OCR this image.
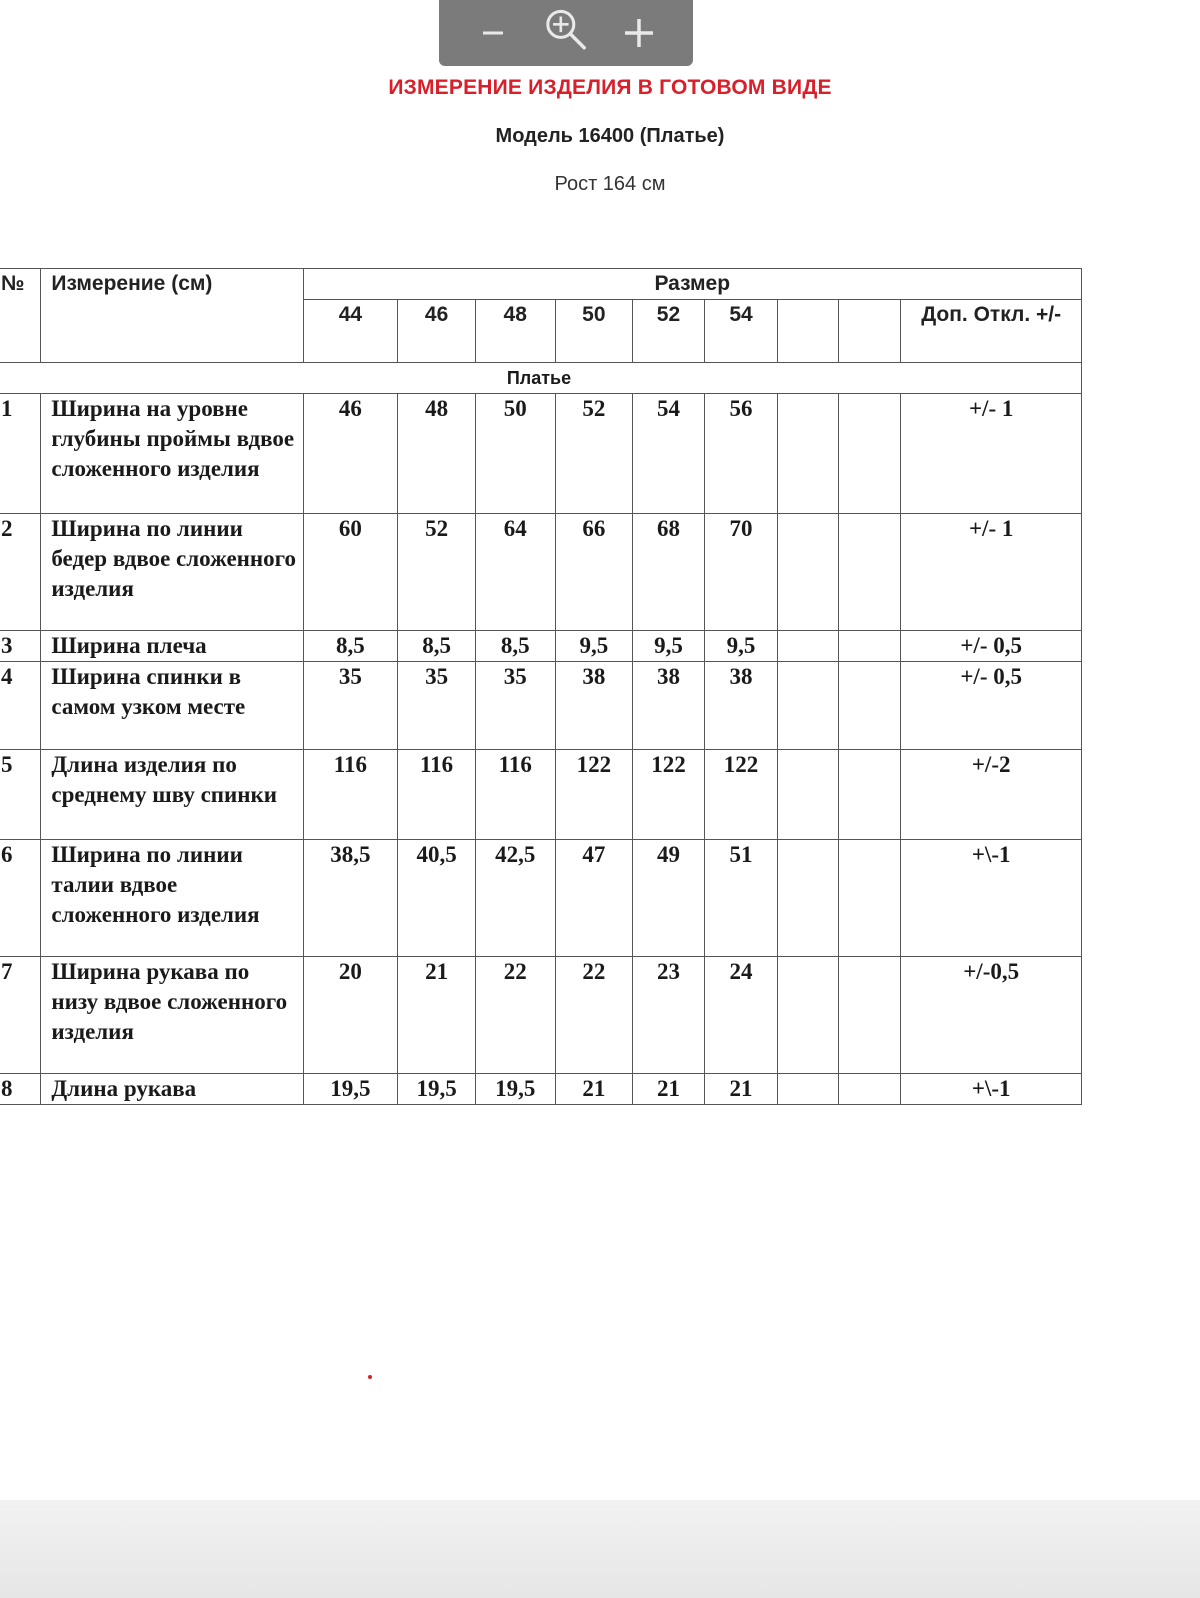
ИЗМЕРЕНИЕ ИЗДЕЛИЯ В ГОТОВОМ ВИДЕ
Модель 16400 (Платье)
Рост 164 см
№	Измерение (см)	Размер								
		44	46	48	50	52	54			Доп. Откл. +/-
Платье										
1	Ширина на уровне глубины проймы вдвое сложенного изделия	46	48	50	52	54	56			+/- 1
2	Ширина по линии бедер вдвое сложенного изделия	60	52	64	66	68	70			+/- 1
3	Ширина плеча	8,5	8,5	8,5	9,5	9,5	9,5			+/- 0,5
4	Ширина спинки в самом узком месте	35	35	35	38	38	38			+/- 0,5
5	Длина изделия по среднему шву спинки	116	116	116	122	122	122			+/-2
6	Ширина по линии талии вдвое сложенного изделия	38,5	40,5	42,5	47	49	51			+\-1
7	Ширина рукава по низу вдвое сложенного изделия	20	21	22	22	23	24			+/-0,5
8	Длина рукава	19,5	19,5	19,5	21	21	21			+\-1
